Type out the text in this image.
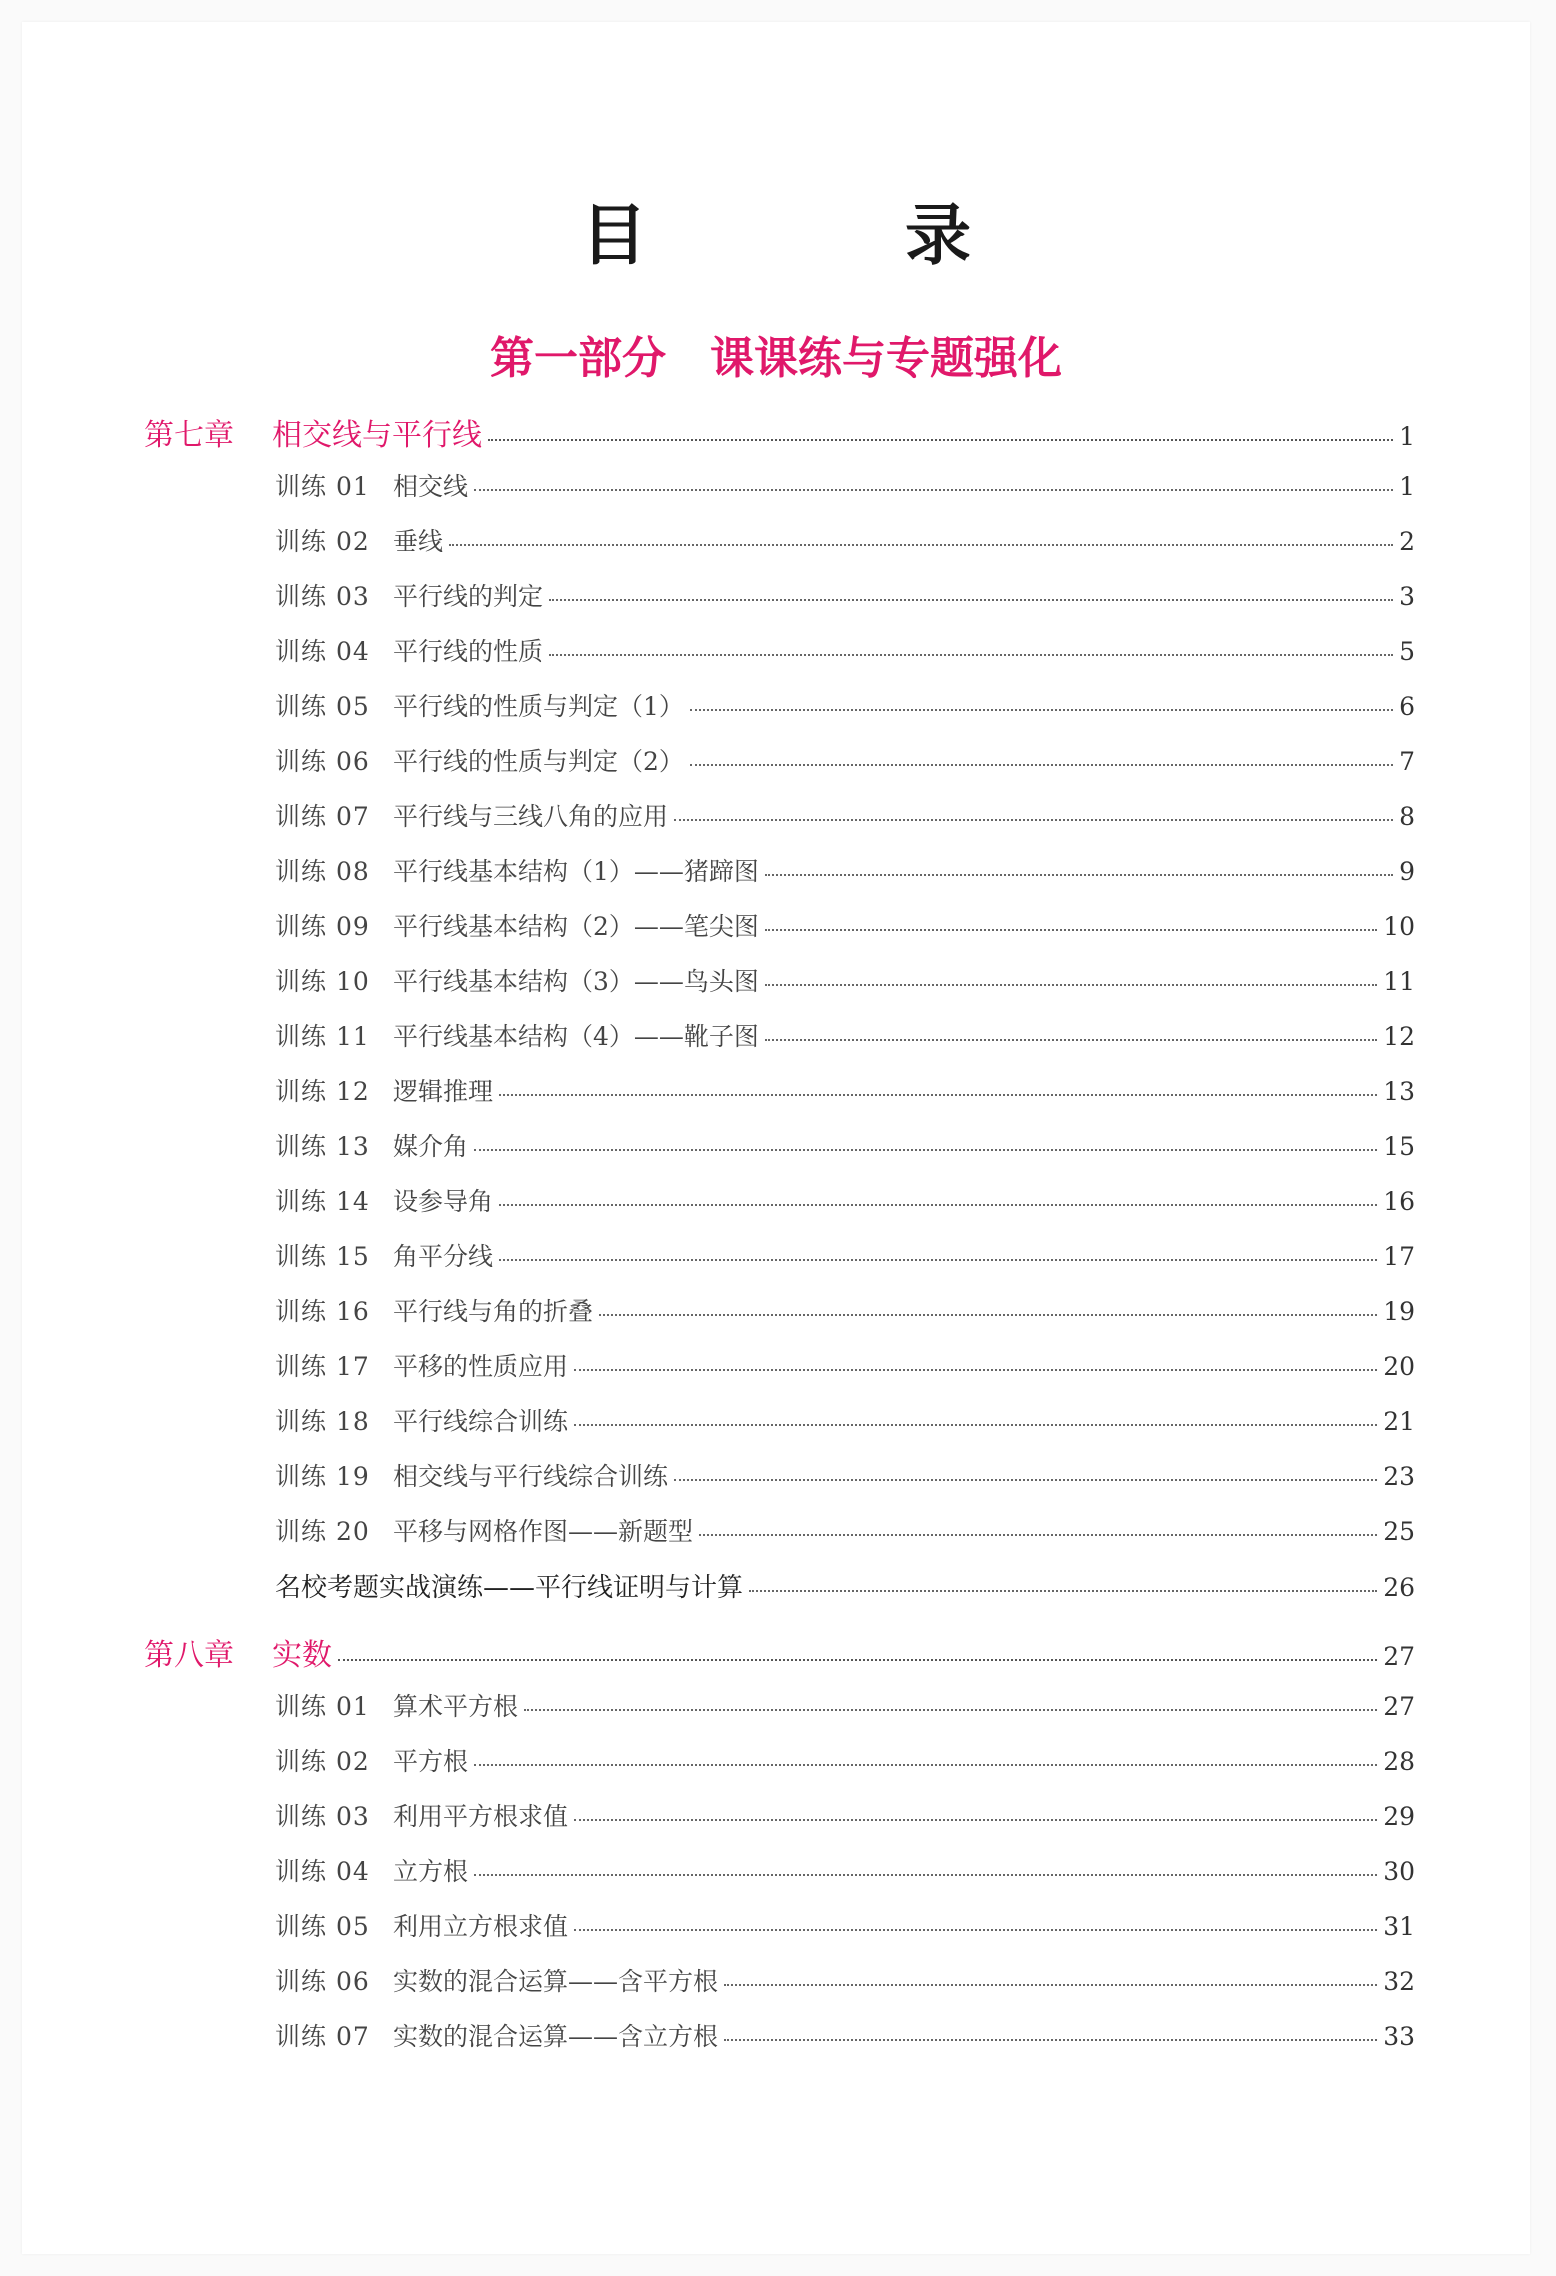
目　录
第一部分　课课练与专题强化
第七章	相交线与平行线	1
训练 01 相交线	1
训练 02 垂线	2
训练 03 平行线的判定	3
训练 04 平行线的性质	5
训练 05 平行线的性质与判定（1）	6
训练 06 平行线的性质与判定（2）	7
训练 07 平行线与三线八角的应用	8
训练 08 平行线基本结构（1）——猪蹄图	9
训练 09 平行线基本结构（2）——笔尖图	10
训练 10 平行线基本结构（3）——鸟头图	11
训练 11 平行线基本结构（4）——靴子图	12
训练 12 逻辑推理	13
训练 13 媒介角	15
训练 14 设参导角	16
训练 15 角平分线	17
训练 16 平行线与角的折叠	19
训练 17 平移的性质应用	20
训练 18 平行线综合训练	21
训练 19 相交线与平行线综合训练	23
训练 20 平移与网格作图——新题型	25
名校考题实战演练——平行线证明与计算	26
第八章	实数	27
训练 01 算术平方根	27
训练 02 平方根	28
训练 03 利用平方根求值	29
训练 04 立方根	30
训练 05 利用立方根求值	31
训练 06 实数的混合运算——含平方根	32
训练 07 实数的混合运算——含立方根	33
